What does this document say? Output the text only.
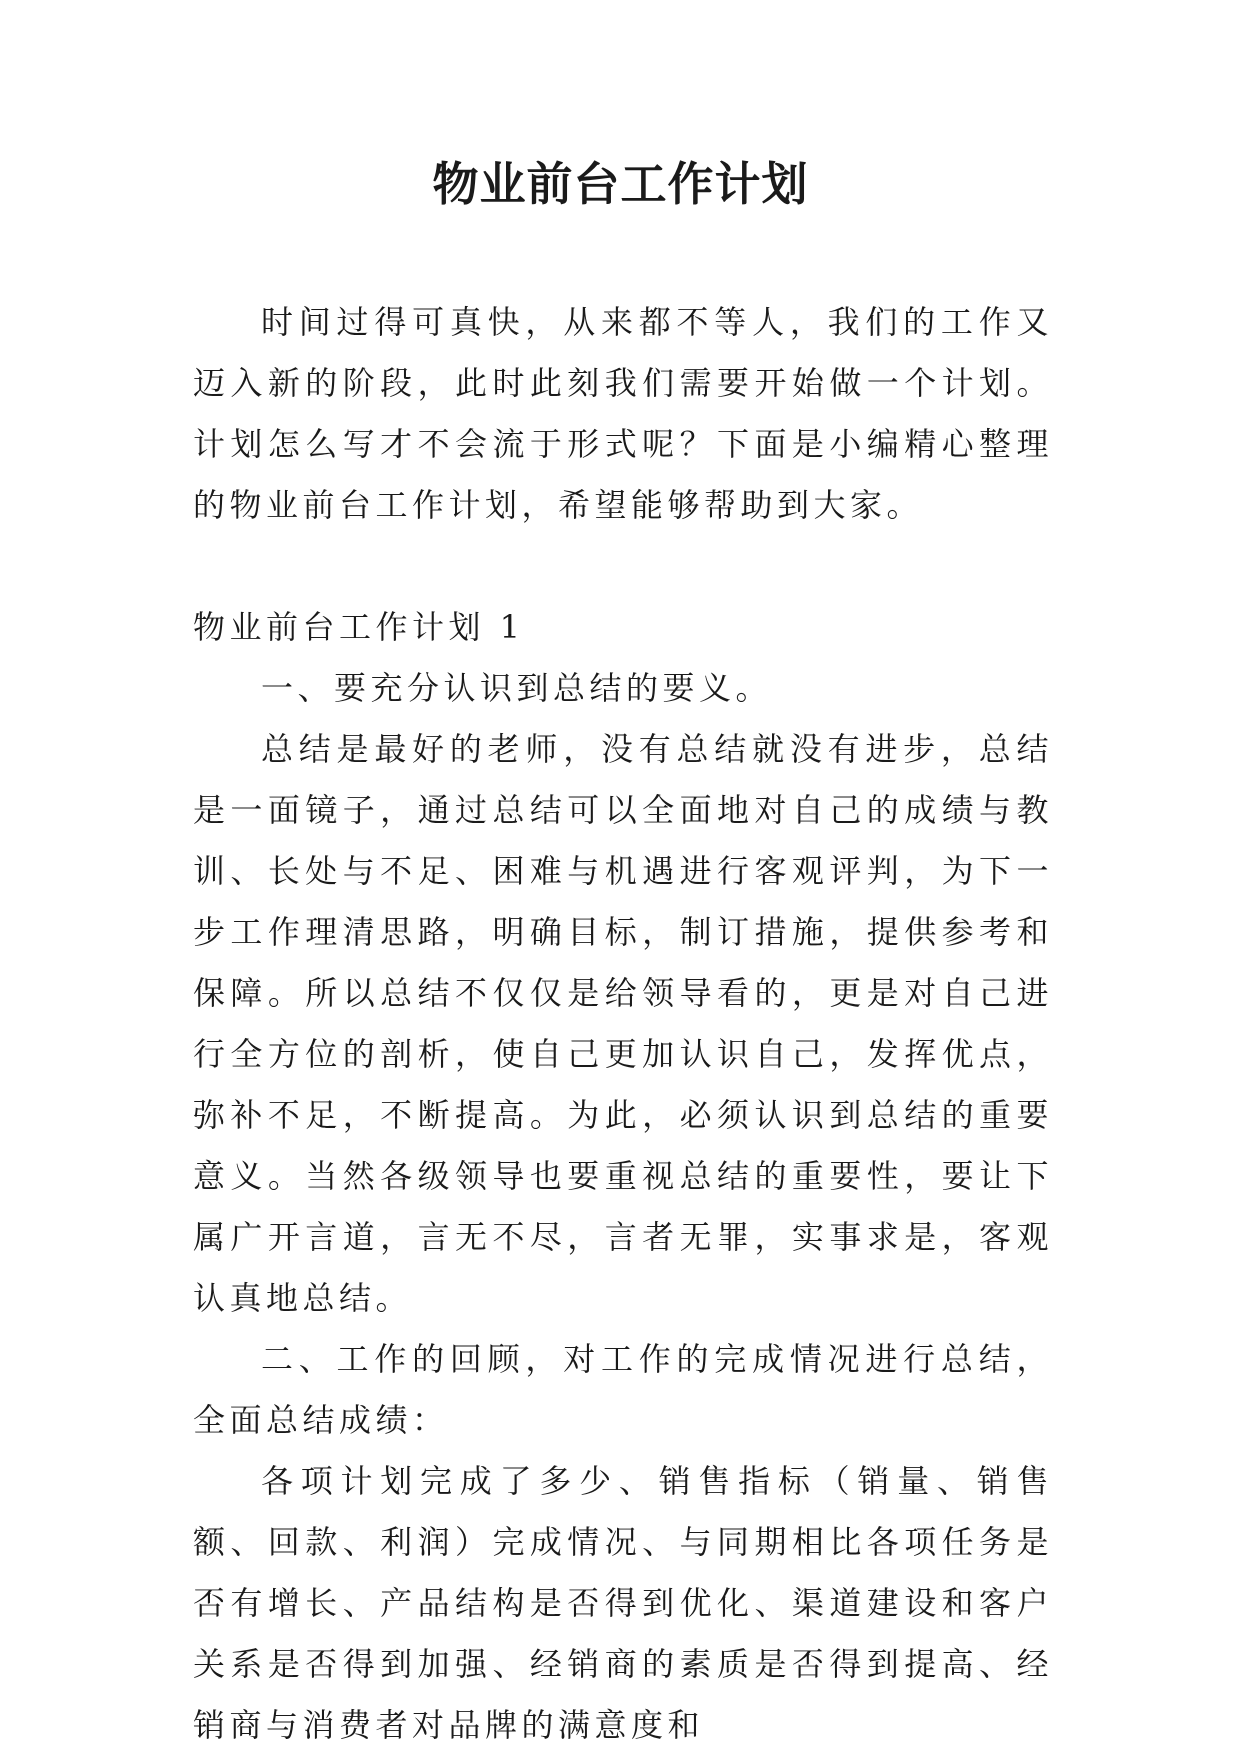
物业前台工作计划

时间过得可真快，从来都不等人，我们的工作又迈入新的阶段，此时此刻我们需要开始做一个计划。计划怎么写才不会流于形式呢？下面是小编精心整理的物业前台工作计划，希望能够帮助到大家。

物业前台工作计划 1

一、要充分认识到总结的要义。

总结是最好的老师，没有总结就没有进步，总结是一面镜子，通过总结可以全面地对自己的成绩与教训、长处与不足、困难与机遇进行客观评判，为下一步工作理清思路，明确目标，制订措施，提供参考和保障。所以总结不仅仅是给领导看的，更是对自己进行全方位的剖析，使自己更加认识自己，发挥优点，弥补不足，不断提高。为此，必须认识到总结的重要意义。当然各级领导也要重视总结的重要性，要让下属广开言道，言无不尽，言者无罪，实事求是，客观认真地总结。

二、工作的回顾，对工作的完成情况进行总结，全面总结成绩：

各项计划完成了多少、销售指标（销量、销售额、回款、利润）完成情况、与同期相比各项任务是否有增长、产品结构是否得到优化、渠道建设和客户关系是否得到加强、经销商的素质是否得到提高、经销商与消费者对品牌的满意度和
